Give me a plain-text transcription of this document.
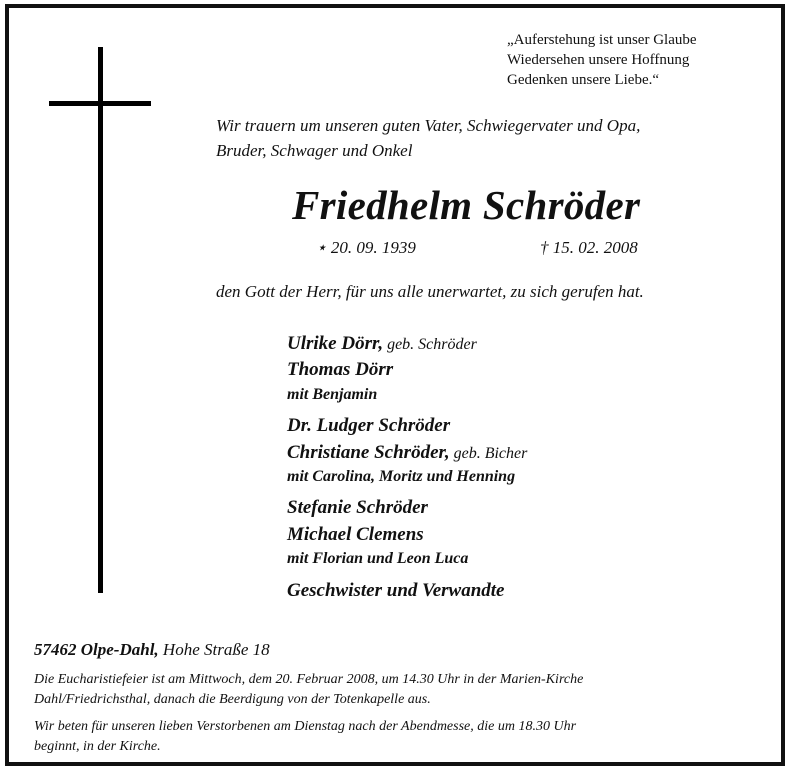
„Auferstehung ist unser Glaube
Wiedersehen unsere Hoffnung
Gedenken unsere Liebe.“
Wir trauern um unseren guten Vater, Schwiegervater und Opa,
Bruder, Schwager und Onkel
Friedhelm Schröder
⋆ 20. 09. 1939	† 15. 02. 2008
den Gott der Herr, für uns alle unerwartet, zu sich gerufen hat.
Ulrike Dörr, geb. Schröder
Thomas Dörr
mit Benjamin
Dr. Ludger Schröder
Christiane Schröder, geb. Bicher
mit Carolina, Moritz und Henning
Stefanie Schröder
Michael Clemens
mit Florian und Leon Luca
Geschwister und Verwandte
57462 Olpe-Dahl, Hohe Straße 18
Die Eucharistiefeier ist am Mittwoch, dem 20. Februar 2008, um 14.30 Uhr in der Marien-Kirche
Dahl/Friedrichsthal, danach die Beerdigung von der Totenkapelle aus.
Wir beten für unseren lieben Verstorbenen am Dienstag nach der Abendmesse, die um 18.30 Uhr
beginnt, in der Kirche.
